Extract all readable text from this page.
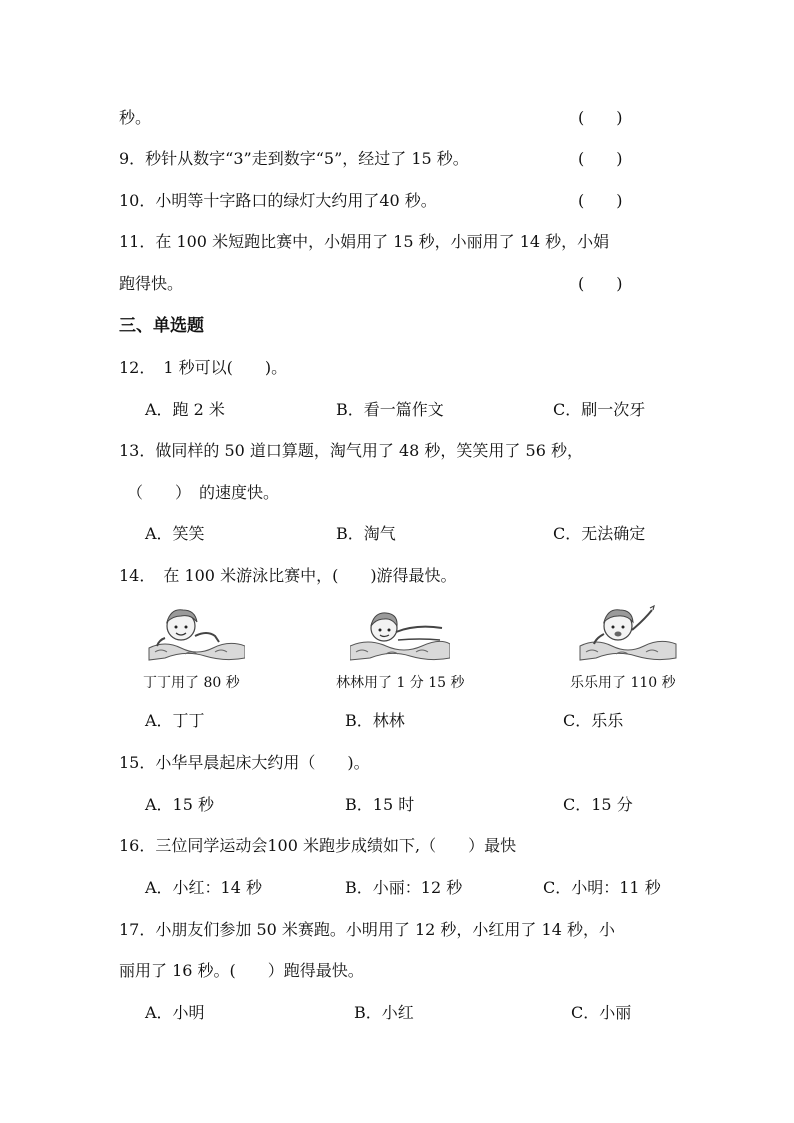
秒。	(　　)
9．秒针从数字“3”走到数字“5”，经过了 15 秒。	(　　)
10．小明等十字路口的绿灯大约用了40 秒。	(　　)
11．在 100 米短跑比赛中，小娟用了 15 秒，小丽用了 14 秒，小娟
跑得快。	(　　)
三、单选题
12．　1 秒可以(　　)。
A．跑 2 米	B．看一篇作文	C．刷一次牙
13．做同样的 50 道口算题，淘气用了 48 秒，笑笑用了 56 秒，
（　　）　的速度快。
A．笑笑	B．淘气	C．无法确定
14．　在 100 米游泳比赛中，(　　)游得最快。
丁丁用了 80 秒	林林用了 1 分 15 秒	乐乐用了 110 秒
A．丁丁	B．林林	C．乐乐
15．小华早晨起床大约用（　　)。
A．15 秒	B．15 时	C．15 分
16．三位同学运动会100 米跑步成绩如下,（　　）最快
A．小红：14 秒	B．小丽：12 秒	C．小明：11 秒
17．小朋友们参加 50 米赛跑。小明用了 12 秒，小红用了 14 秒，小
丽用了 16 秒。(　　）跑得最快。
A．小明	B．小红	C．小丽
